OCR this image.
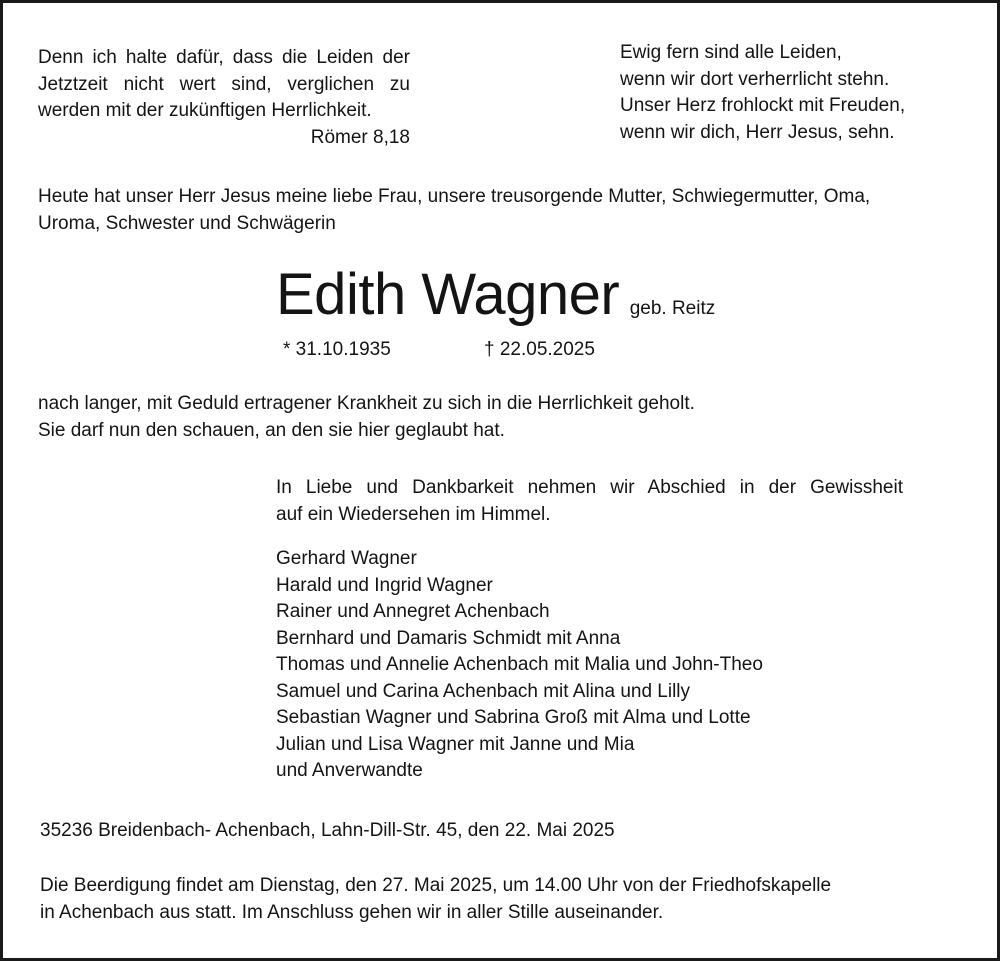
Denn ich halte dafür, dass die Leiden der
Jetztzeit nicht wert sind, verglichen zu
werden mit der zukünftigen Herrlichkeit.
Römer 8,18
Ewig fern sind alle Leiden,
wenn wir dort verherrlicht stehn.
Unser Herz frohlockt mit Freuden,
wenn wir dich, Herr Jesus, sehn.
Heute hat unser Herr Jesus meine liebe Frau, unsere treusorgende Mutter, Schwiegermutter, Oma,
Uroma, Schwester und Schwägerin
Edith Wagner geb. Reitz
* 31.10.1935	† 22.05.2025
nach langer, mit Geduld ertragener Krankheit zu sich in die Herrlichkeit geholt.
Sie darf nun den schauen, an den sie hier geglaubt hat.
In Liebe und Dankbarkeit nehmen wir Abschied in der Gewissheit
auf ein Wiedersehen im Himmel.
Gerhard Wagner
Harald und Ingrid Wagner
Rainer und Annegret Achenbach
Bernhard und Damaris Schmidt mit Anna
Thomas und Annelie Achenbach mit Malia und John-Theo
Samuel und Carina Achenbach mit Alina und Lilly
Sebastian Wagner und Sabrina Groß mit Alma und Lotte
Julian und Lisa Wagner mit Janne und Mia
und Anverwandte
35236 Breidenbach- Achenbach, Lahn-Dill-Str. 45, den 22. Mai 2025
Die Beerdigung findet am Dienstag, den 27. Mai 2025, um 14.00 Uhr von der Friedhofskapelle
in Achenbach aus statt. Im Anschluss gehen wir in aller Stille auseinander.
